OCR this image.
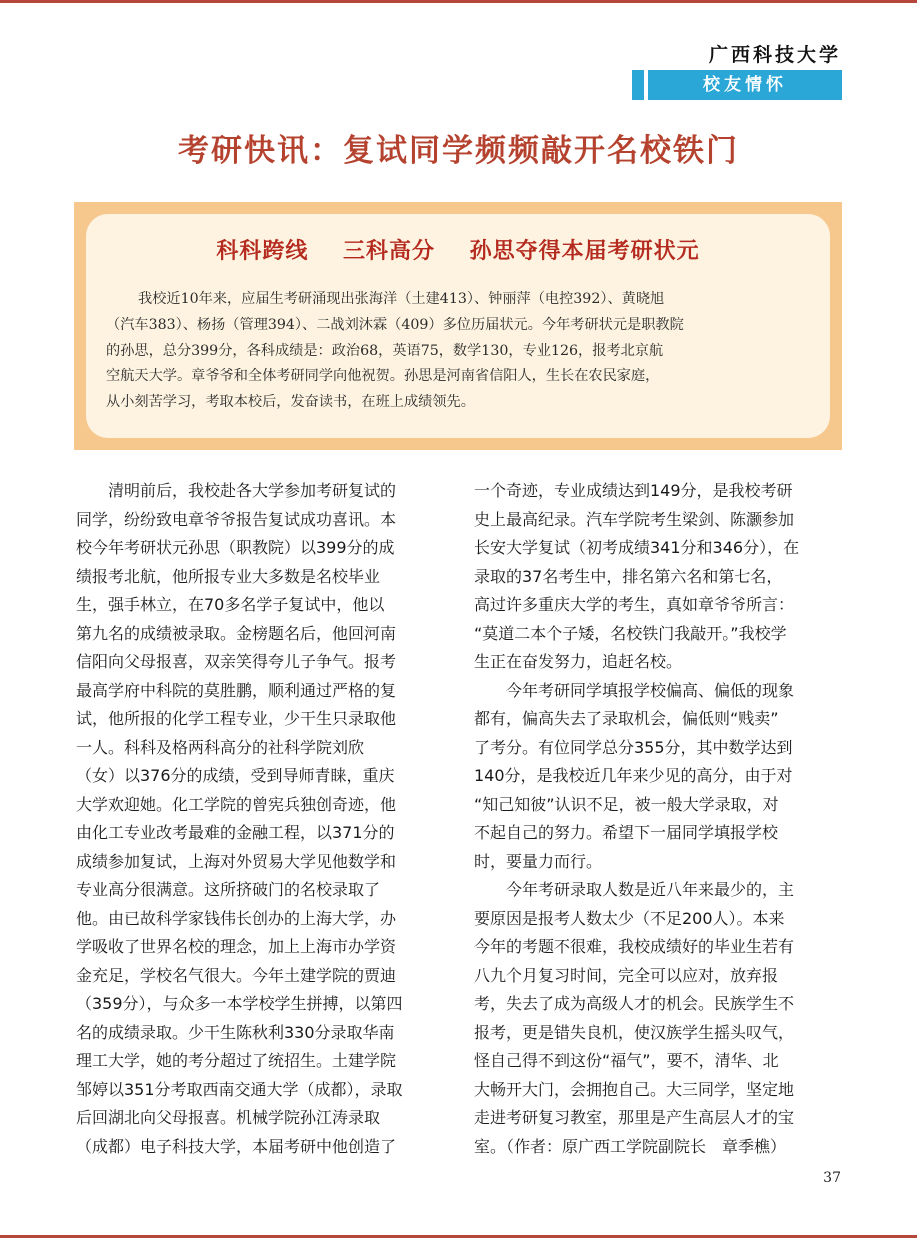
广西科技大学
校友情怀
考研快讯：复试同学频频敲开名校铁门
科科跨线    三科高分    孙思夺得本届考研状元
我校近10年来，应届生考研涌现出张海洋（土建413）、钟丽萍（电控392）、黄晓旭
（汽车383）、杨扬（管理394）、二战刘沐霖（409）多位历届状元。今年考研状元是职教院
的孙思，总分399分，各科成绩是：政治68，英语75，数学130，专业126，报考北京航
空航天大学。章爷爷和全体考研同学向他祝贺。孙思是河南省信阳人，生长在农民家庭，
从小刻苦学习，考取本校后，发奋读书，在班上成绩领先。
清明前后，我校赴各大学参加考研复试的
同学，纷纷致电章爷爷报告复试成功喜讯。本
校今年考研状元孙思（职教院）以399分的成
绩报考北航，他所报专业大多数是名校毕业
生，强手林立，在70多名学子复试中，他以
第九名的成绩被录取。金榜题名后，他回河南
信阳向父母报喜，双亲笑得夸儿子争气。报考
最高学府中科院的莫胜鹏，顺利通过严格的复
试，他所报的化学工程专业，少干生只录取他
一人。科科及格两科高分的社科学院刘欣
（女）以376分的成绩，受到导师青睐，重庆
大学欢迎她。化工学院的曾宪兵独创奇迹，他
由化工专业改考最难的金融工程，以371分的
成绩参加复试，上海对外贸易大学见他数学和
专业高分很满意。这所挤破门的名校录取了
他。由已故科学家钱伟长创办的上海大学，办
学吸收了世界名校的理念，加上上海市办学资
金充足，学校名气很大。今年土建学院的贾迪
（359分），与众多一本学校学生拼搏，以第四
名的成绩录取。少干生陈秋利330分录取华南
理工大学，她的考分超过了统招生。土建学院
邹婷以351分考取西南交通大学（成都），录取
后回湖北向父母报喜。机械学院孙江涛录取
（成都）电子科技大学，本届考研中他创造了
一个奇迹，专业成绩达到149分，是我校考研
史上最高纪录。汽车学院考生梁剑、陈灏参加
长安大学复试（初考成绩341分和346分），在
录取的37名考生中，排名第六名和第七名，
高过许多重庆大学的考生，真如章爷爷所言：
“莫道二本个子矮，名校铁门我敲开。”我校学
生正在奋发努力，追赶名校。
今年考研同学填报学校偏高、偏低的现象
都有，偏高失去了录取机会，偏低则“贱卖”
了考分。有位同学总分355分，其中数学达到
140分，是我校近几年来少见的高分，由于对
“知己知彼”认识不足，被一般大学录取，对
不起自己的努力。希望下一届同学填报学校
时，要量力而行。
今年考研录取人数是近八年来最少的，主
要原因是报考人数太少（不足200人）。本来
今年的考题不很难，我校成绩好的毕业生若有
八九个月复习时间，完全可以应对，放弃报
考，失去了成为高级人才的机会。民族学生不
报考，更是错失良机，使汉族学生摇头叹气，
怪自己得不到这份“福气”，要不，清华、北
大畅开大门，会拥抱自己。大三同学，坚定地
走进考研复习教室，那里是产生高层人才的宝
室。（作者：原广西工学院副院长　章季樵）
37
